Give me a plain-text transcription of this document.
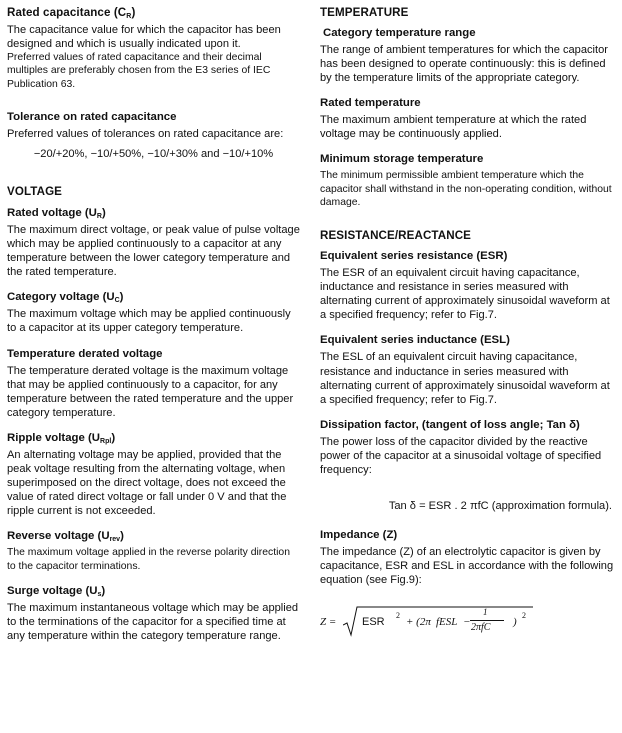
Rated capacitance $(C_R)$

The capacitance value for which the capacitor has been designed and which is usually indicated upon it.

Preferred values of rated capacitance and their decimal multiples are preferably chosen from the E3 series of IEC Publication 63.

Tolerance on rated capacitance

Preferred values of tolerances on rated capacitance are:

−20/+20%, −10/+50%, −10/+30% and −10/+10%

VOLTAGE
Rated voltage $(U_R)$

The maximum direct voltage, or peak value of pulse voltage which may be applied continuously to a capacitor at any temperature between the lower category temperature and the rated temperature.

Category voltage $(U_C)$

The maximum voltage which may be applied continuously to a capacitor at its upper category temperature.

Temperature derated voltage

The temperature derated voltage is the maximum voltage that may be applied continuously to a capacitor, for any temperature between the rated temperature and the upper category temperature.

Ripple voltage $(U_{Rpl})$

An alternating voltage may be applied, provided that the peak voltage resulting from the alternating voltage, when superimposed on the direct voltage, does not exceed the value of rated direct voltage or fall under 0 V and that the ripple current is not exceeded.

Reverse voltage $(U_{rev})$

The maximum voltage applied in the reverse polarity direction to the capacitor terminations.

Surge voltage $(U_s)$

The maximum instantaneous voltage which may be applied to the terminations of the capacitor for a specified time at any temperature within the category temperature range.

TEMPERATURE
Category temperature range

The range of ambient temperatures for which the capacitor has been designed to operate continuously: this is defined by the temperature limits of the appropriate category.

Rated temperature

The maximum ambient temperature at which the rated voltage may be continuously applied.

Minimum storage temperature

The minimum permissible ambient temperature which the capacitor shall withstand in the non-operating condition, without damage.

RESISTANCE/REACTANCE
Equivalent series resistance (ESR)

The ESR of an equivalent circuit having capacitance, inductance and resistance in series measured with alternating current of approximately sinusoidal waveform at a specified frequency; refer to Fig.7.

Equivalent series inductance (ESL)

The ESL of an equivalent circuit having capacitance, resistance and inductance in series measured with alternating current of approximately sinusoidal waveform at a specified frequency; refer to Fig.7.

Dissipation factor, (tangent of loss angle; Tan δ)

The power loss of the capacitor divided by the reactive power of the capacitor at a sinusoidal voltage of specified frequency:

Tan δ = ESR . 2 πfC (approximation formula).

Impedance (Z)

The impedance (Z) of an electrolytic capacitor is given by capacitance, ESR and ESL in accordance with the following equation (see Fig.9):

Z = ESR
2
+ (2π fESL −
1
2πfC )
2
